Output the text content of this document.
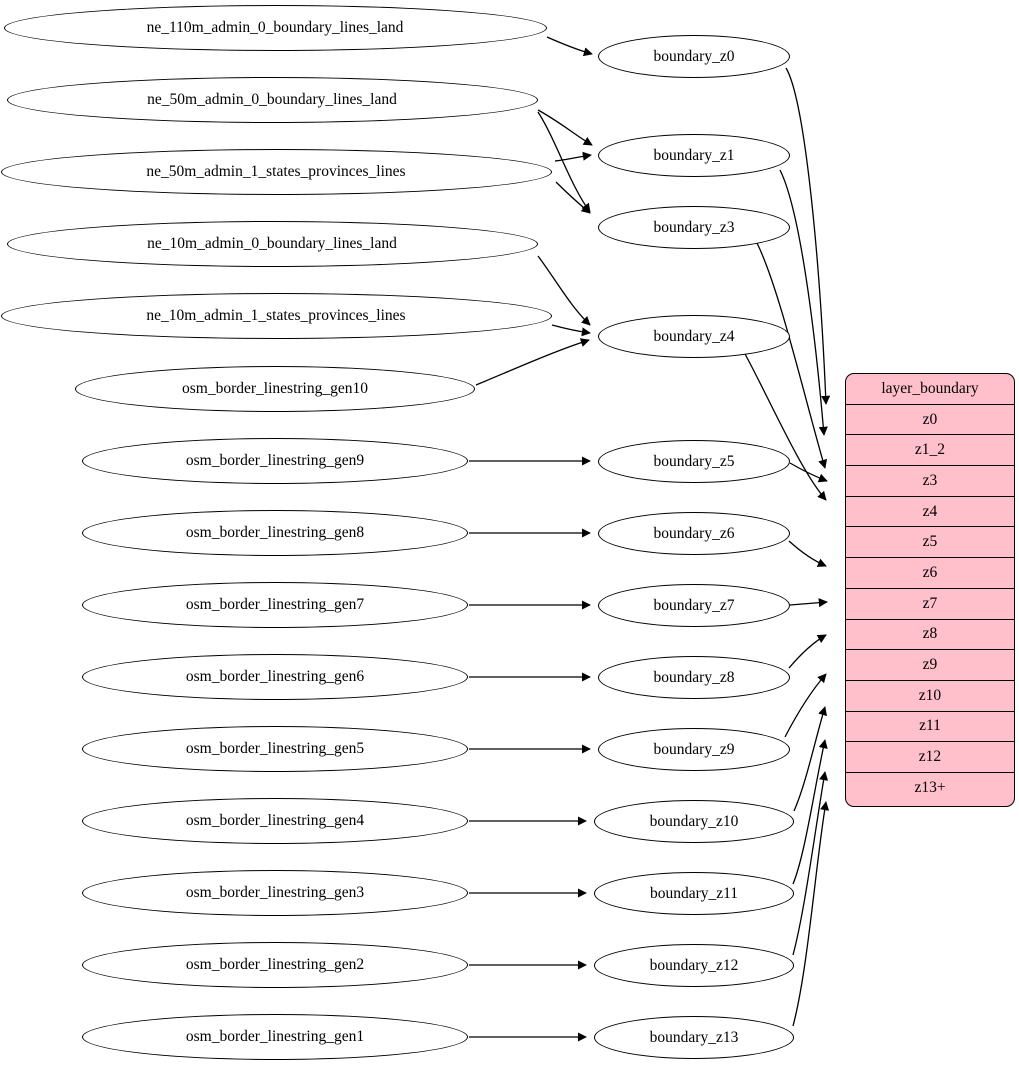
ne_110m_admin_0_boundary_lines_land
ne_50m_admin_0_boundary_lines_land
ne_50m_admin_1_states_provinces_lines
ne_10m_admin_0_boundary_lines_land
ne_10m_admin_1_states_provinces_lines
osm_border_linestring_gen10
osm_border_linestring_gen9
osm_border_linestring_gen8
osm_border_linestring_gen7
osm_border_linestring_gen6
osm_border_linestring_gen5
osm_border_linestring_gen4
osm_border_linestring_gen3
osm_border_linestring_gen2
osm_border_linestring_gen1
boundary_z0
boundary_z1
boundary_z3
boundary_z4
boundary_z5
boundary_z6
boundary_z7
boundary_z8
boundary_z9
boundary_z10
boundary_z11
boundary_z12
boundary_z13
layer_boundary
z0
z1_2
z3
z4
z5
z6
z7
z8
z9
z10
z11
z12
z13+
